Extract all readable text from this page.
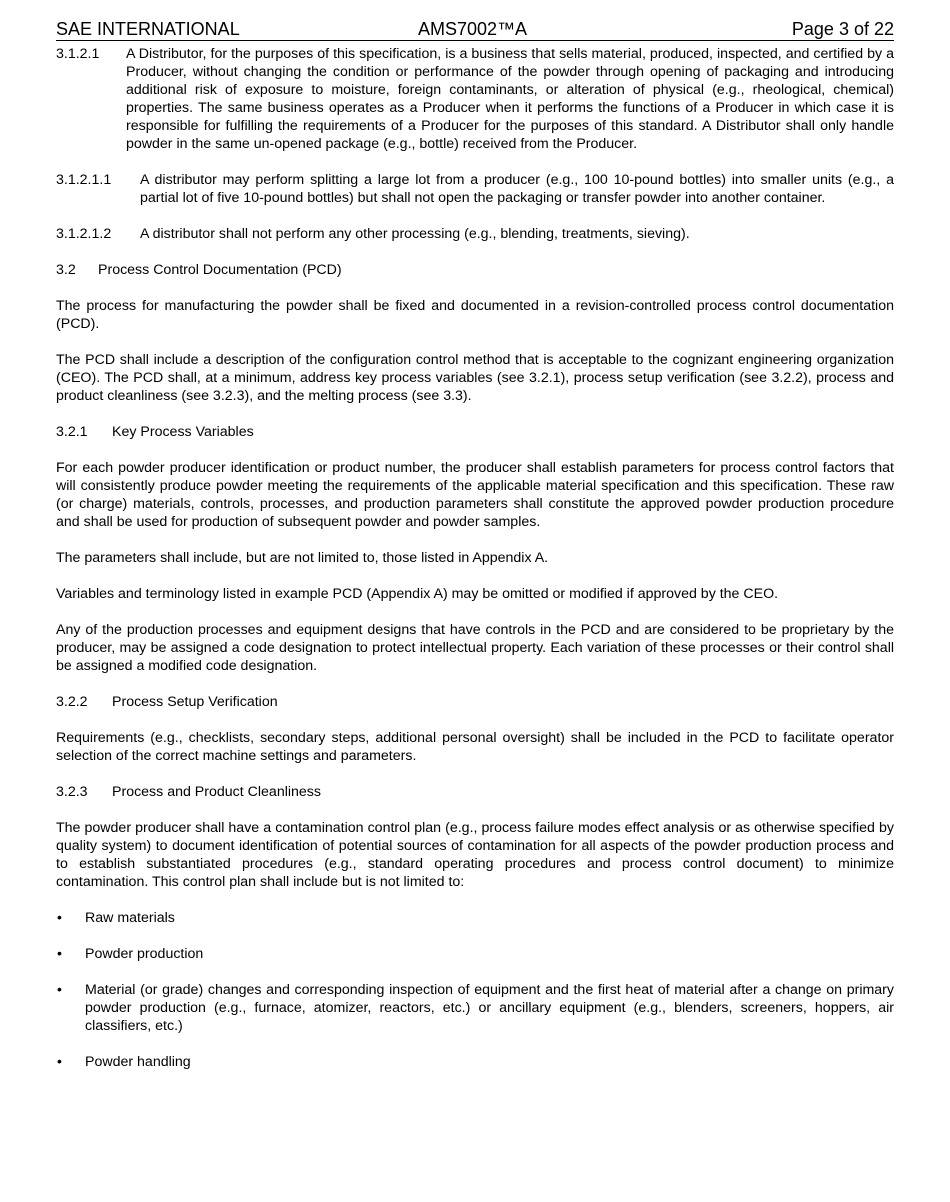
SAE INTERNATIONAL	AMS7002™A	Page 3 of 22
3.1.2.1	A Distributor, for the purposes of this specification, is a business that sells material, produced, inspected, and certified by a Producer, without changing the condition or performance of the powder through opening of packaging and introducing additional risk of exposure to moisture, foreign contaminants, or alteration of physical (e.g., rheological, chemical) properties. The same business operates as a Producer when it performs the functions of a Producer in which case it is responsible for fulfilling the requirements of a Producer for the purposes of this standard. A Distributor shall only handle powder in the same un-opened package (e.g., bottle) received from the Producer.
3.1.2.1.1	A distributor may perform splitting a large lot from a producer (e.g., 100 10-pound bottles) into smaller units (e.g., a partial lot of five 10-pound bottles) but shall not open the packaging or transfer powder into another container.
3.1.2.1.2	A distributor shall not perform any other processing (e.g., blending, treatments, sieving).
3.2	Process Control Documentation (PCD)

The process for manufacturing the powder shall be fixed and documented in a revision-controlled process control documentation (PCD).

The PCD shall include a description of the configuration control method that is acceptable to the cognizant engineering organization (CEO). The PCD shall, at a minimum, address key process variables (see 3.2.1), process setup verification (see 3.2.2), process and product cleanliness (see 3.2.3), and the melting process (see 3.3).

3.2.1	Key Process Variables

For each powder producer identification or product number, the producer shall establish parameters for process control factors that will consistently produce powder meeting the requirements of the applicable material specification and this specification. These raw (or charge) materials, controls, processes, and production parameters shall constitute the approved powder production procedure and shall be used for production of subsequent powder and powder samples.

The parameters shall include, but are not limited to, those listed in Appendix A.

Variables and terminology listed in example PCD (Appendix A) may be omitted or modified if approved by the CEO.

Any of the production processes and equipment designs that have controls in the PCD and are considered to be proprietary by the producer, may be assigned a code designation to protect intellectual property. Each variation of these processes or their control shall be assigned a modified code designation.

3.2.2	Process Setup Verification

Requirements (e.g., checklists, secondary steps, additional personal oversight) shall be included in the PCD to facilitate operator selection of the correct machine settings and parameters.

3.2.3	Process and Product Cleanliness

The powder producer shall have a contamination control plan (e.g., process failure modes effect analysis or as otherwise specified by quality system) to document identification of potential sources of contamination for all aspects of the powder production process and to establish substantiated procedures (e.g., standard operating procedures and process control document) to minimize contamination. This control plan shall include but is not limited to:

•	Raw materials
•	Powder production
•	Material (or grade) changes and corresponding inspection of equipment and the first heat of material after a change on primary powder production (e.g., furnace, atomizer, reactors, etc.) or ancillary equipment (e.g., blenders, screeners, hoppers, air classifiers, etc.)
•	Powder handling
